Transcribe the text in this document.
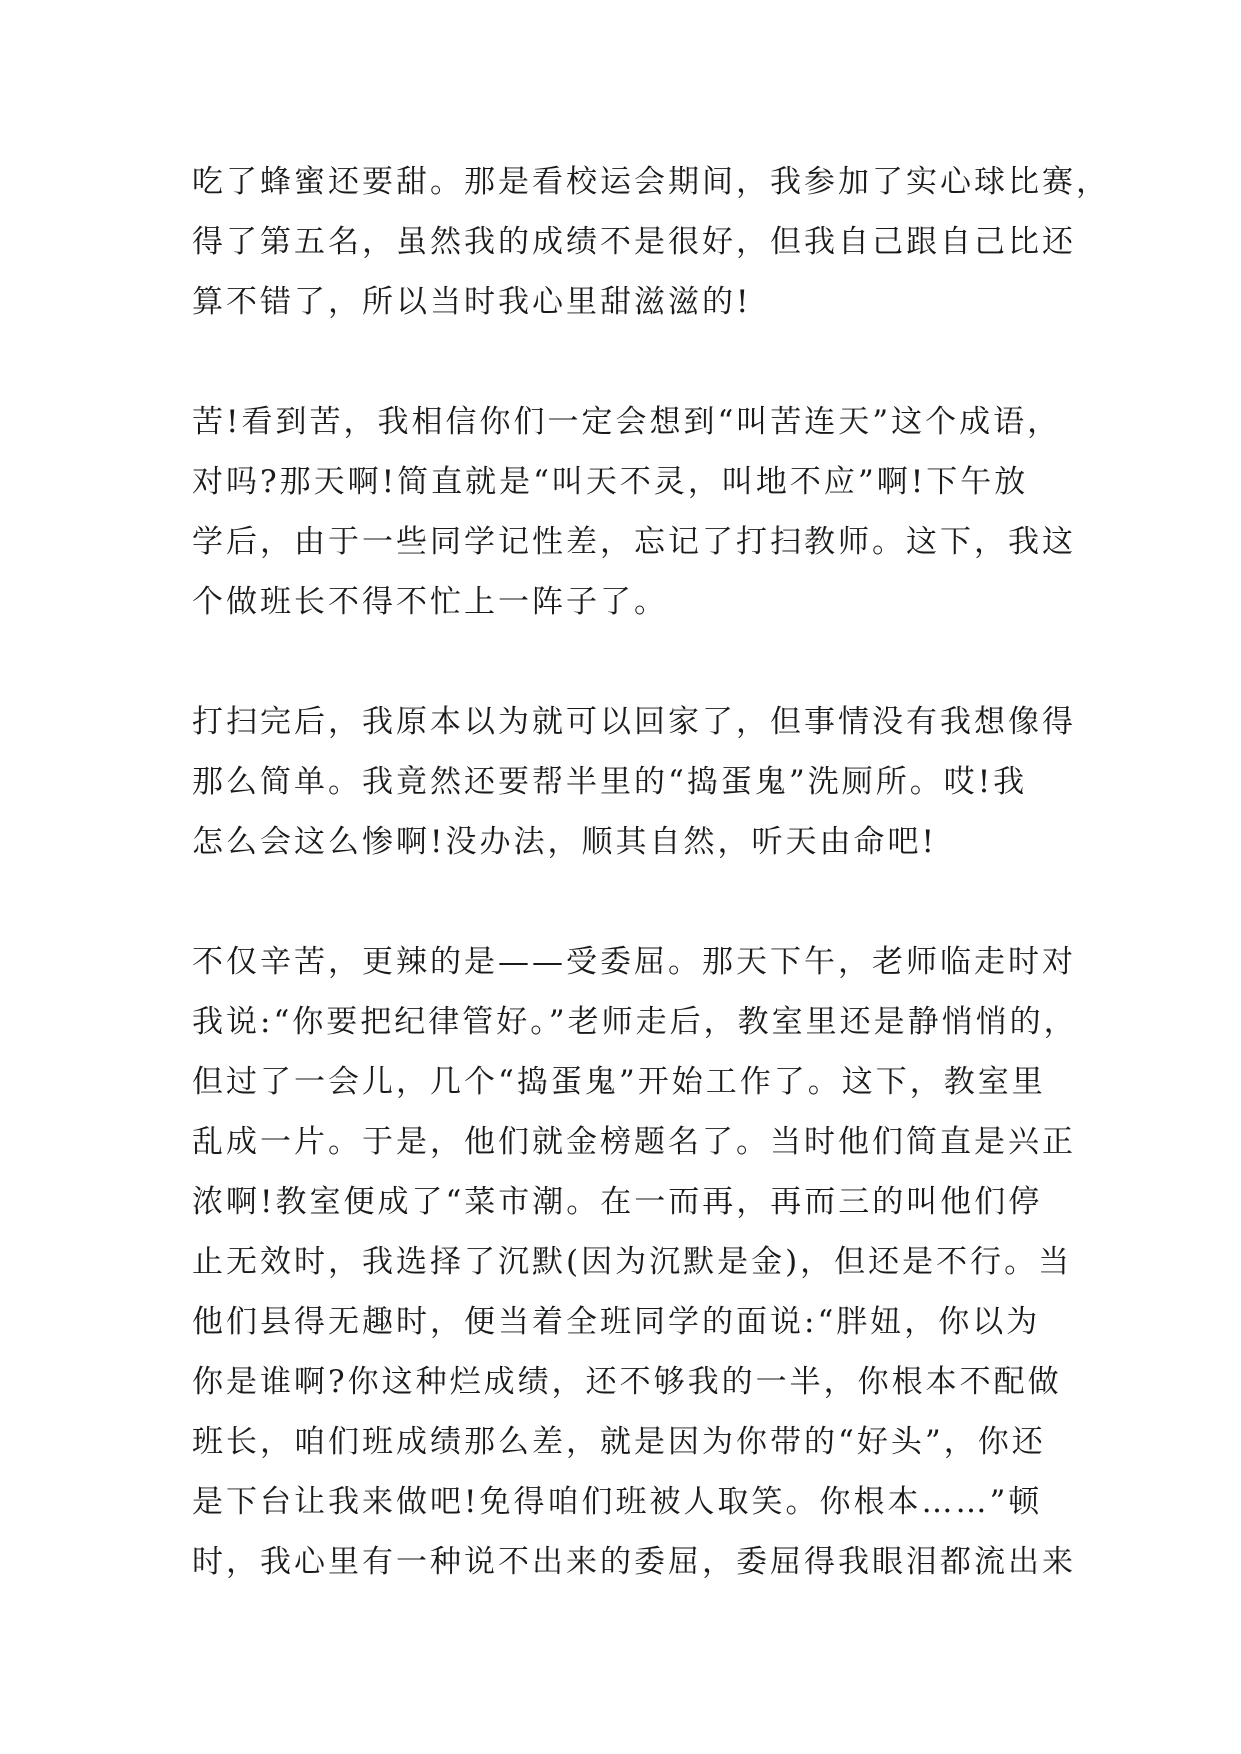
吃了蜂蜜还要甜。那是看校运会期间，我参加了实心球比赛，
得了第五名，虽然我的成绩不是很好，但我自己跟自己比还
算不错了，所以当时我心里甜滋滋的!
苦!看到苦，我相信你们一定会想到“叫苦连天”这个成语，
对吗?那天啊!简直就是“叫天不灵，叫地不应”啊!下午放
学后，由于一些同学记性差，忘记了打扫教师。这下，我这
个做班长不得不忙上一阵子了。
打扫完后，我原本以为就可以回家了，但事情没有我想像得
那么简单。我竟然还要帮半里的“捣蛋鬼”洗厕所。哎!我
怎么会这么惨啊!没办法，顺其自然，听天由命吧!
不仅辛苦，更辣的是——受委屈。那天下午，老师临走时对
我说:“你要把纪律管好。”老师走后，教室里还是静悄悄的，
但过了一会儿，几个“捣蛋鬼”开始工作了。这下，教室里
乱成一片。于是，他们就金榜题名了。当时他们简直是兴正
浓啊!教室便成了“菜市潮。在一而再，再而三的叫他们停
止无效时，我选择了沉默(因为沉默是金)，但还是不行。当
他们县得无趣时，便当着全班同学的面说:“胖妞，你以为
你是谁啊?你这种烂成绩，还不够我的一半，你根本不配做
班长，咱们班成绩那么差，就是因为你带的“好头”，你还
是下台让我来做吧!免得咱们班被人取笑。你根本……”顿
时，我心里有一种说不出来的委屈，委屈得我眼泪都流出来
